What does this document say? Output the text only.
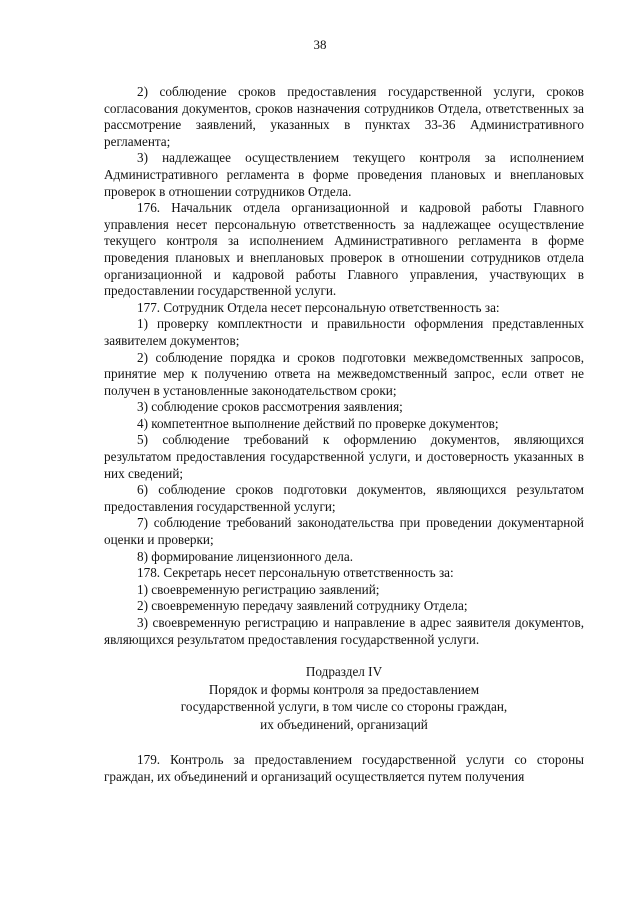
38

2) соблюдение сроков предоставления государственной услуги, сроков согласования документов, сроков назначения сотрудников Отдела, ответственных за рассмотрение заявлений, указанных в пунктах 33-36 Административного регламента;

3) надлежащее осуществлением текущего контроля за исполнением Административного регламента в форме проведения плановых и внеплановых проверок в отношении сотрудников Отдела.

176. Начальник отдела организационной и кадровой работы Главного управления несет персональную ответственность за надлежащее осуществление текущего контроля за исполнением Административного регламента в форме проведения плановых и внеплановых проверок в отношении сотрудников отдела организационной и кадровой работы Главного управления, участвующих в предоставлении государственной услуги.

177. Сотрудник Отдела несет персональную ответственность за:

1) проверку комплектности и правильности оформления представленных заявителем документов;

2) соблюдение порядка и сроков подготовки межведомственных запросов, принятие мер к получению ответа на межведомственный запрос, если ответ не получен в установленные законодательством сроки;

3) соблюдение сроков рассмотрения заявления;

4) компетентное выполнение действий по проверке документов;

5) соблюдение требований к оформлению документов, являющихся результатом предоставления государственной услуги, и достоверность указанных в них сведений;

6) соблюдение сроков подготовки документов, являющихся результатом предоставления государственной услуги;

7) соблюдение требований законодательства при проведении документарной оценки и проверки;

8) формирование лицензионного дела.

178. Секретарь несет персональную ответственность за:

1) своевременную регистрацию заявлений;

2) своевременную передачу заявлений сотруднику Отдела;

3) своевременную регистрацию и направление в адрес заявителя документов, являющихся результатом предоставления государственной услуги.

Подраздел IV

Порядок и формы контроля за предоставлением

государственной услуги, в том числе со стороны граждан,

их объединений, организаций

179. Контроль за предоставлением государственной услуги со стороны граждан, их объединений и организаций осуществляется путем получения
